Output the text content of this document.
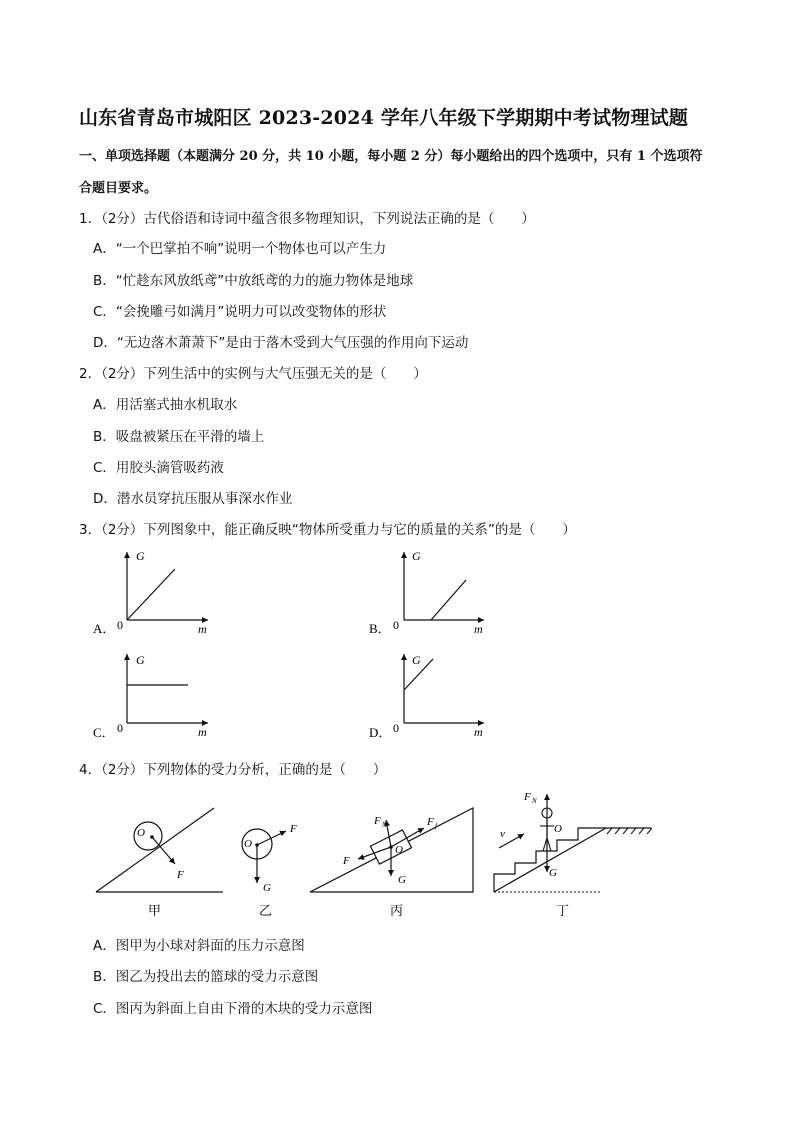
山东省青岛市城阳区 2023-2024 学年八年级下学期期中考试物理试题
一、单项选择题（本题满分 20 分，共 10 小题，每小题 2 分）每小题给出的四个选项中，只有 1 个选项符
合题目要求。
1．（2分）古代俗语和诗词中蕴含很多物理知识，下列说法正确的是（　　）
A．“一个巴掌拍不响”说明一个物体也可以产生力
B．“忙趁东风放纸鸢”中放纸鸢的力的施力物体是地球
C．“会挽雕弓如满月”说明力可以改变物体的形状
D．“无边落木萧萧下”是由于落木受到大气压强的作用向下运动
2．（2分）下列生活中的实例与大气压强无关的是（　　）
A．用活塞式抽水机取水
B．吸盘被紧压在平滑的墙上
C．用胶头滴管吸药液
D．潜水员穿抗压服从事深水作业
3．（2分）下列图象中，能正确反映“物体所受重力与它的质量的关系”的是（　　）
G
m
0
A．
G
m
0
B．
G
m
0
C．
G
m
0
D．
4．（2分）下列物体的受力分析，正确的是（　　）
O
F
甲
O
F
G
乙
O
F N	F f
F
G
丙
O
F N
G
v
丁
A．图甲为小球对斜面的压力示意图
B．图乙为投出去的篮球的受力示意图
C．图丙为斜面上自由下滑的木块的受力示意图
